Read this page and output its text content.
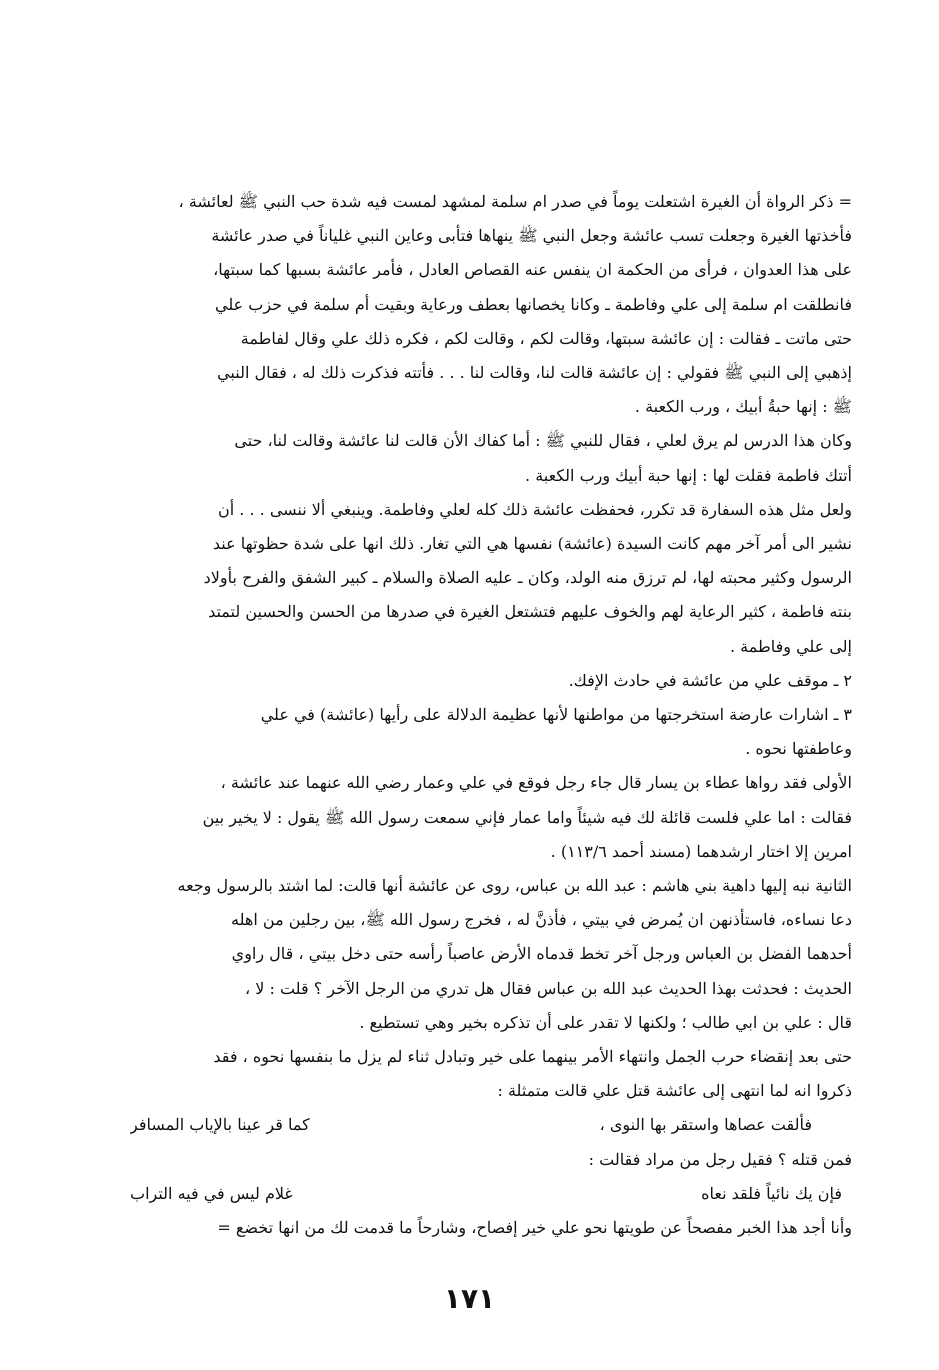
= ذكر الرواة أن الغيرة اشتعلت يوماً في صدر ام سلمة لمشهد لمست فيه شدة حب النبي ﷺ لعائشة ،
فأخذتها الغيرة وجعلت تسب عائشة وجعل النبي ﷺ ينهاها فتأبى وعاين النبي غلياناً في صدر عائشة
على هذا العدوان ، فرأى من الحكمة ان ينفس عنه القصاص العادل ، فأمر عائشة بسبها كما سبتها،
فانطلقت ام سلمة إلى علي وفاطمة ـ وكانا يخصانها بعطف ورعاية وبقيت أم سلمة في حزب علي
حتى ماتت ـ فقالت : إن عائشة سبتها، وقالت لكم ، وقالت لكم ، فكره ذلك علي وقال لفاطمة
إذهبي إلى النبي ﷺ فقولي : إن عائشة قالت لنا، وقالت لنا . . . فأتته فذكرت ذلك له ، فقال النبي
ﷺ : إنها حبةُ أبيك ، ورب الكعبة .
وكان هذا الدرس لم يرق لعلي ، فقال للنبي ﷺ : أما كفاك الأن قالت لنا عائشة وقالت لنا، حتى
أتتك فاطمة فقلت لها : إنها حبة أبيك ورب الكعبة .
ولعل مثل هذه السفارة قد تكرر، فحفظت عائشة ذلك كله لعلي وفاطمة. وينبغي ألا ننسى . . . أن
نشير الى أمر آخر مهم كانت السيدة (عائشة) نفسها هي التي تغار. ذلك انها على شدة حظوتها عند
الرسول وكثير محبته لها، لم ترزق منه الولد، وكان ـ عليه الصلاة والسلام ـ كبير الشفق والفرح بأولاد
بنته فاطمة ، كثير الرعاية لهم والخوف عليهم فتشتعل الغيرة في صدرها من الحسن والحسين لتمتد
إلى علي وفاطمة .
٢ ـ موقف علي من عائشة في حادث الإفك.
٣ ـ اشارات عارضة استخرجتها من مواطنها لأنها عظيمة الدلالة على رأيها (عائشة) في علي
وعاطفتها نحوه .
الأولى فقد رواها عطاء بن يسار قال جاء رجل فوقع في علي وعمار رضي الله عنهما عند عائشة ،
فقالت : اما علي فلست قائلة لك فيه شيئاً واما عمار فإني سمعت رسول الله ﷺ يقول : لا يخير بين
امرين إلا اختار ارشدهما (مسند أحمد ١١٣/٦) .
الثانية نبه إليها داهية بني هاشم : عبد الله بن عباس، روى عن عائشة أنها قالت: لما اشتد بالرسول وجعه
دعا نساءه، فاستأذنهن ان يُمرض في بيتي ، فأذنَّ له ، فخرج رسول الله ﷺ، بين رجلين من اهله
أحدهما الفضل بن العباس ورجل آخر تخط قدماه الأرض عاصباً رأسه حتى دخل بيتي ، قال راوي
الحديث : فحدثت بهذا الحديث عبد الله بن عباس فقال هل تدري من الرجل الآخر ؟ قلت : لا ،
قال : علي بن ابي طالب ؛ ولكنها لا تقدر على أن تذكره بخير وهي تستطيع .
حتى بعد إنقضاء حرب الجمل وانتهاء الأمر بينهما على خير وتبادل ثناء لم يزل ما بنفسها نحوه ، فقد
ذكروا انه لما انتهى إلى عائشة قتل علي قالت متمثلة :
فألقت عصاها واستقر بها النوى ،
كما قر عينا بالإياب المسافر
فمن قتله ؟ فقيل رجل من مراد فقالت :
فإن يك نائياً فلقد نعاه
غلام ليس في فيه التراب
وأنا أجد هذا الخبر مفصحاً عن طويتها نحو علي خير إفصاح، وشارحاً ما قدمت لك من انها تخضع =
١٧١
